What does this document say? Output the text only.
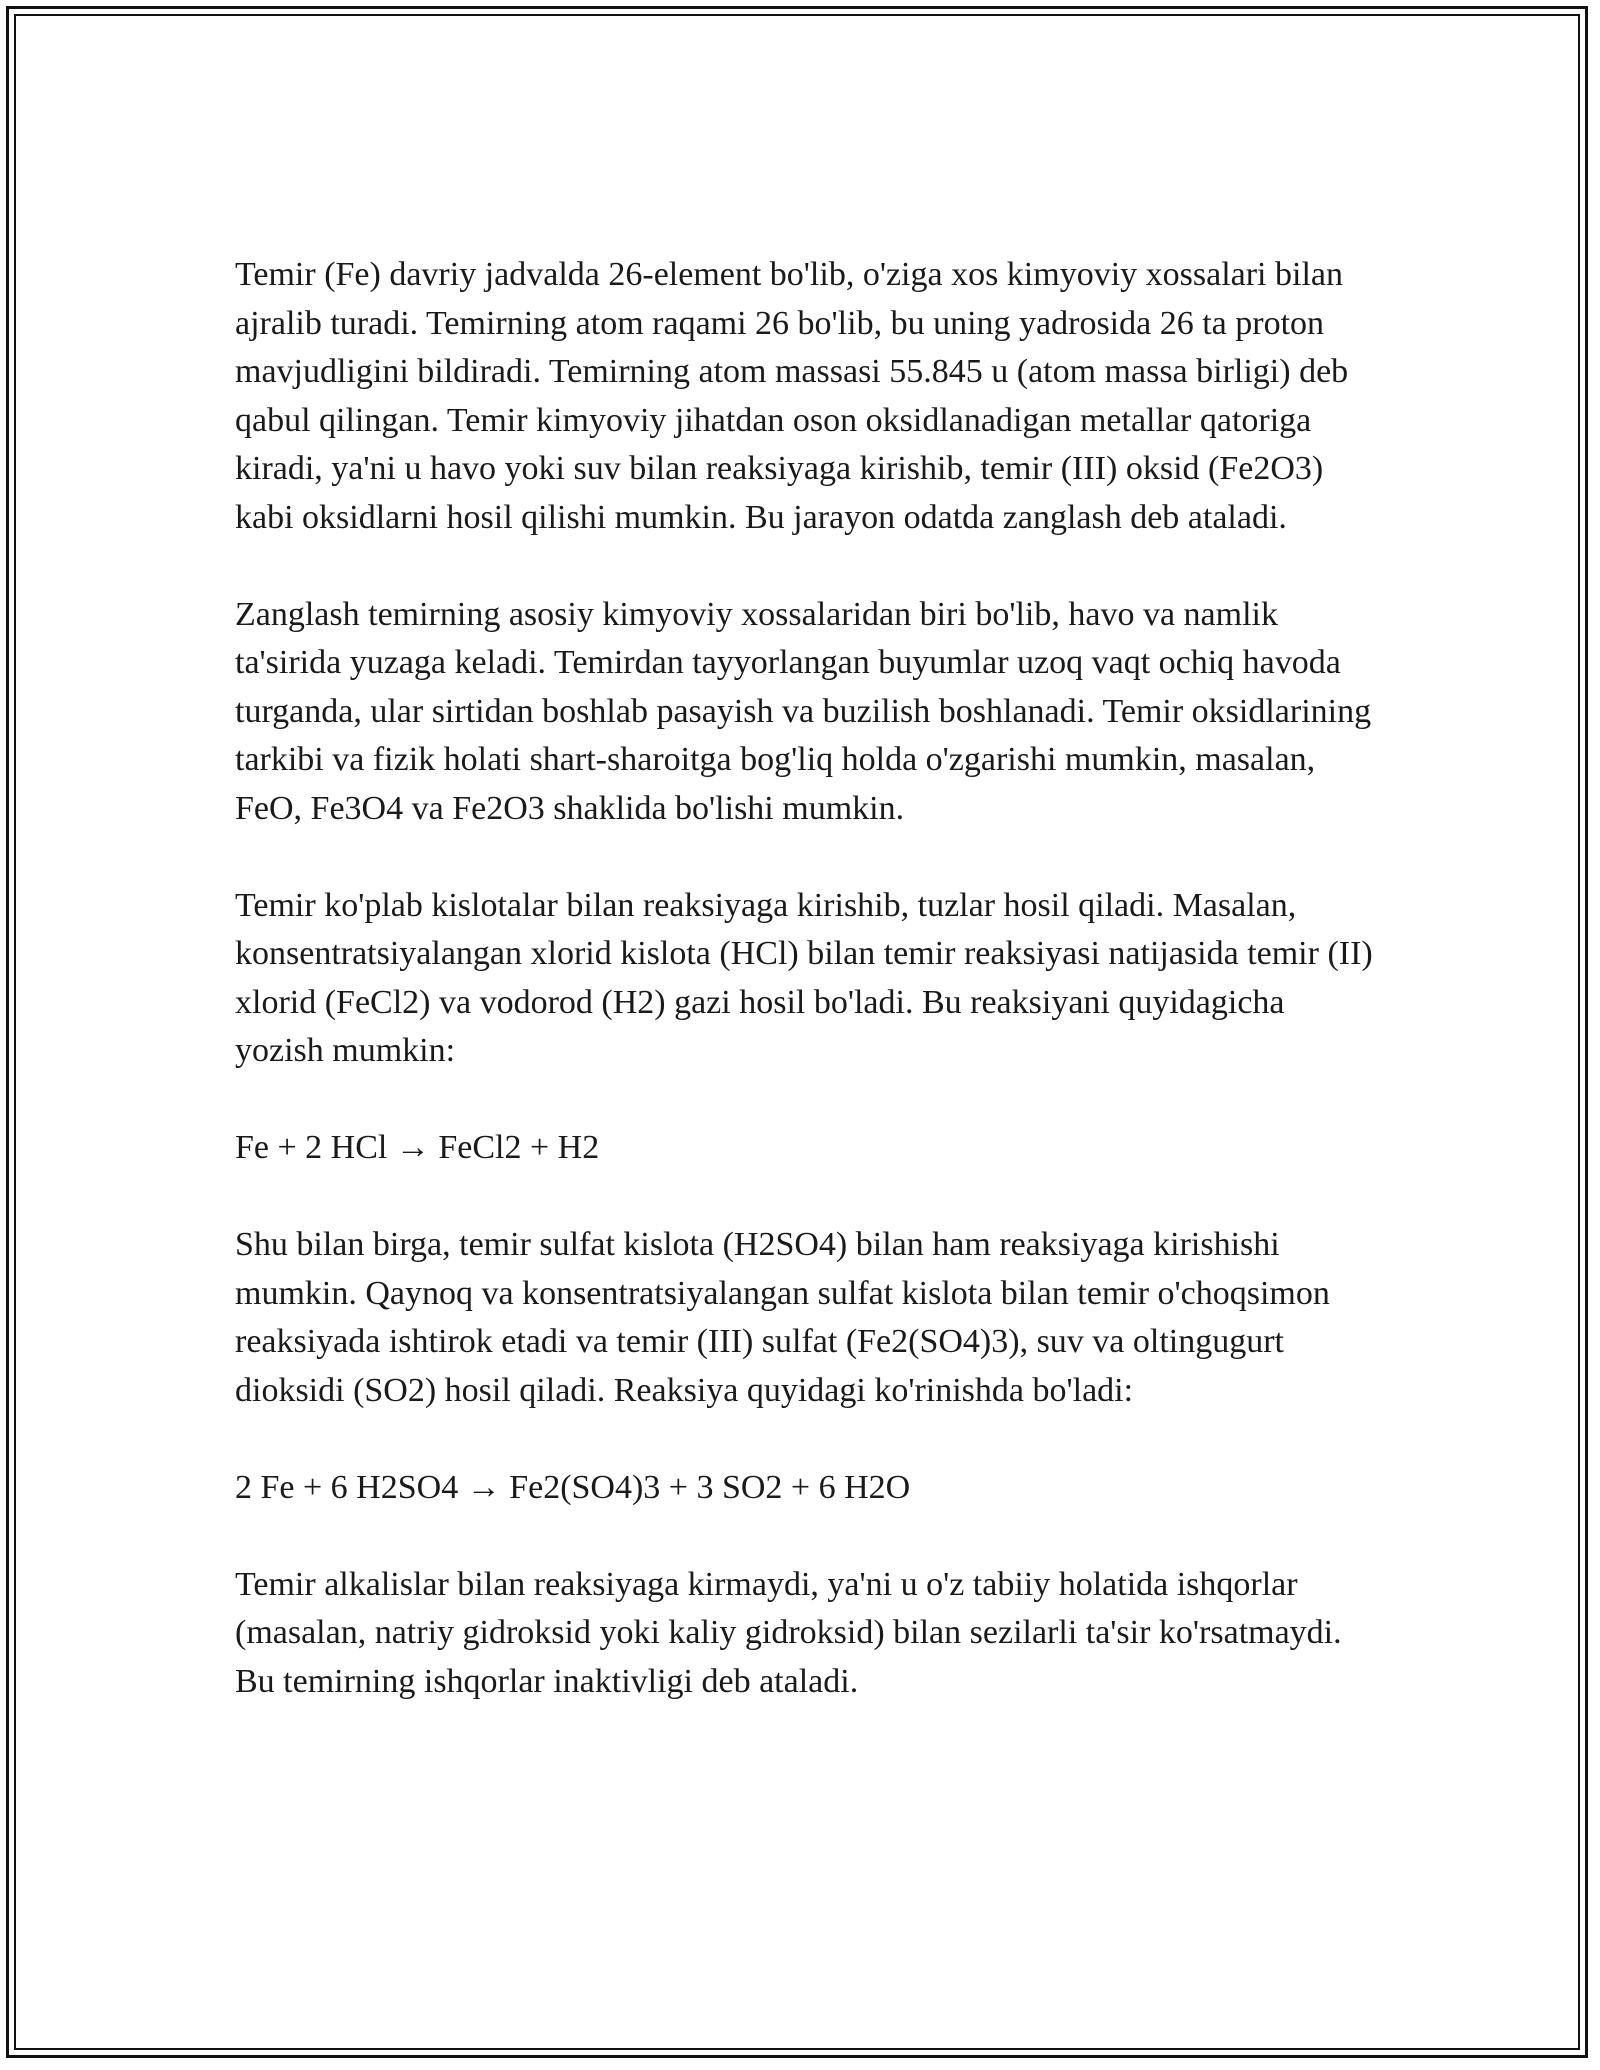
Temir (Fe) davriy jadvalda 26-element bo'lib, o'ziga xos kimyoviy xossalari bilan ajralib turadi. Temirning atom raqami 26 bo'lib, bu uning yadrosida 26 ta proton mavjudligini bildiradi. Temirning atom massasi 55.845 u (atom massa birligi) deb qabul qilingan. Temir kimyoviy jihatdan oson oksidlanadigan metallar qatoriga kiradi, ya'ni u havo yoki suv bilan reaksiyaga kirishib, temir (III) oksid (Fe2O3) kabi oksidlarni hosil qilishi mumkin. Bu jarayon odatda zanglash deb ataladi.

Zanglash temirning asosiy kimyoviy xossalaridan biri bo'lib, havo va namlik ta'sirida yuzaga keladi. Temirdan tayyorlangan buyumlar uzoq vaqt ochiq havoda turganda, ular sirtidan boshlab pasayish va buzilish boshlanadi. Temir oksidlarining tarkibi va fizik holati shart-sharoitga bog'liq holda o'zgarishi mumkin, masalan, FeO, Fe3O4 va Fe2O3 shaklida bo'lishi mumkin.

Temir ko'plab kislotalar bilan reaksiyaga kirishib, tuzlar hosil qiladi. Masalan, konsentratsiyalangan xlorid kislota (HCl) bilan temir reaksiyasi natijasida temir (II) xlorid (FeCl2) va vodorod (H2) gazi hosil bo'ladi. Bu reaksiyani quyidagicha yozish mumkin:

Fe + 2 HCl → FeCl2 + H2

Shu bilan birga, temir sulfat kislota (H2SO4) bilan ham reaksiyaga kirishishi mumkin. Qaynoq va konsentratsiyalangan sulfat kislota bilan temir o'choqsimon reaksiyada ishtirok etadi va temir (III) sulfat (Fe2(SO4)3), suv va oltingugurt dioksidi (SO2) hosil qiladi. Reaksiya quyidagi ko'rinishda bo'ladi:

2 Fe + 6 H2SO4 → Fe2(SO4)3 + 3 SO2 + 6 H2O

Temir alkalislar bilan reaksiyaga kirmaydi, ya'ni u o'z tabiiy holatida ishqorlar (masalan, natriy gidroksid yoki kaliy gidroksid) bilan sezilarli ta'sir ko'rsatmaydi. Bu temirning ishqorlar inaktivligi deb ataladi.
